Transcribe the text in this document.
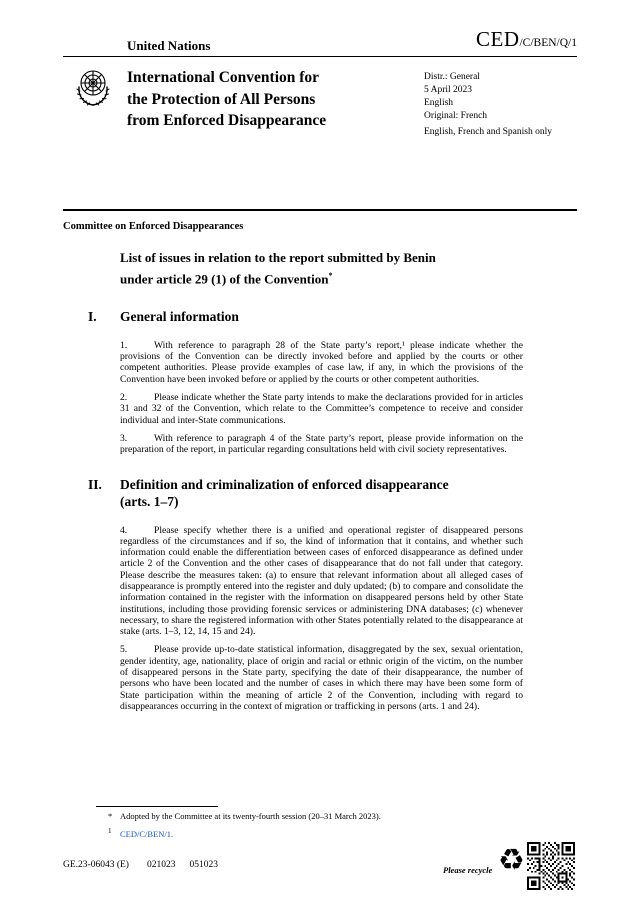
United Nations	CED/C/BEN/Q/1
International Convention for
the Protection of All Persons
from Enforced Disappearance
Distr.: General
5 April 2023
English
Original: French
English, French and Spanish only
Committee on Enforced Disappearances
List of issues in relation to the report submitted by Benin
under article 29 (1) of the Convention*
I.	General information

1.	With reference to paragraph 28 of the State party’s report,¹ please indicate whether the provisions of the Convention can be directly invoked before and applied by the courts or other competent authorities. Please provide examples of case law, if any, in which the provisions of the Convention have been invoked before or applied by the courts or other competent authorities.

2.	Please indicate whether the State party intends to make the declarations provided for in articles 31 and 32 of the Convention, which relate to the Committee’s competence to receive and consider individual and inter-State communications.

3.	With reference to paragraph 4 of the State party’s report, please provide information on the preparation of the report, in particular regarding consultations held with civil society representatives.

II.	Definition and criminalization of enforced disappearance
(arts. 1–7)

4.	Please specify whether there is a unified and operational register of disappeared persons regardless of the circumstances and if so, the kind of information that it contains, and whether such information could enable the differentiation between cases of enforced disappearance as defined under article 2 of the Convention and the other cases of disappearance that do not fall under that category. Please describe the measures taken: (a) to ensure that relevant information about all alleged cases of disappearance is promptly entered into the register and duly updated; (b) to compare and consolidate the information contained in the register with the information on disappeared persons held by other State institutions, including those providing forensic services or administering DNA databases; (c) whenever necessary, to share the registered information with other States potentially related to the disappearance at stake (arts. 1–3, 12, 14, 15 and 24).

5.	Please provide up-to-date statistical information, disaggregated by the sex, sexual orientation, gender identity, age, nationality, place of origin and racial or ethnic origin of the victim, on the number of disappeared persons in the State party, specifying the date of their disappearance, the number of persons who have been located and the number of cases in which there may have been some form of State participation within the meaning of article 2 of the Convention, including with regard to disappearances occurring in the context of migration or trafficking in persons (arts. 1 and 24).

* Adopted by the Committee at its twenty-fourth session (20–31 March 2023).
$^1$ CED/C/BEN/1.
GE.23-06043 (E) 021023 051023	Please recycle ♻
